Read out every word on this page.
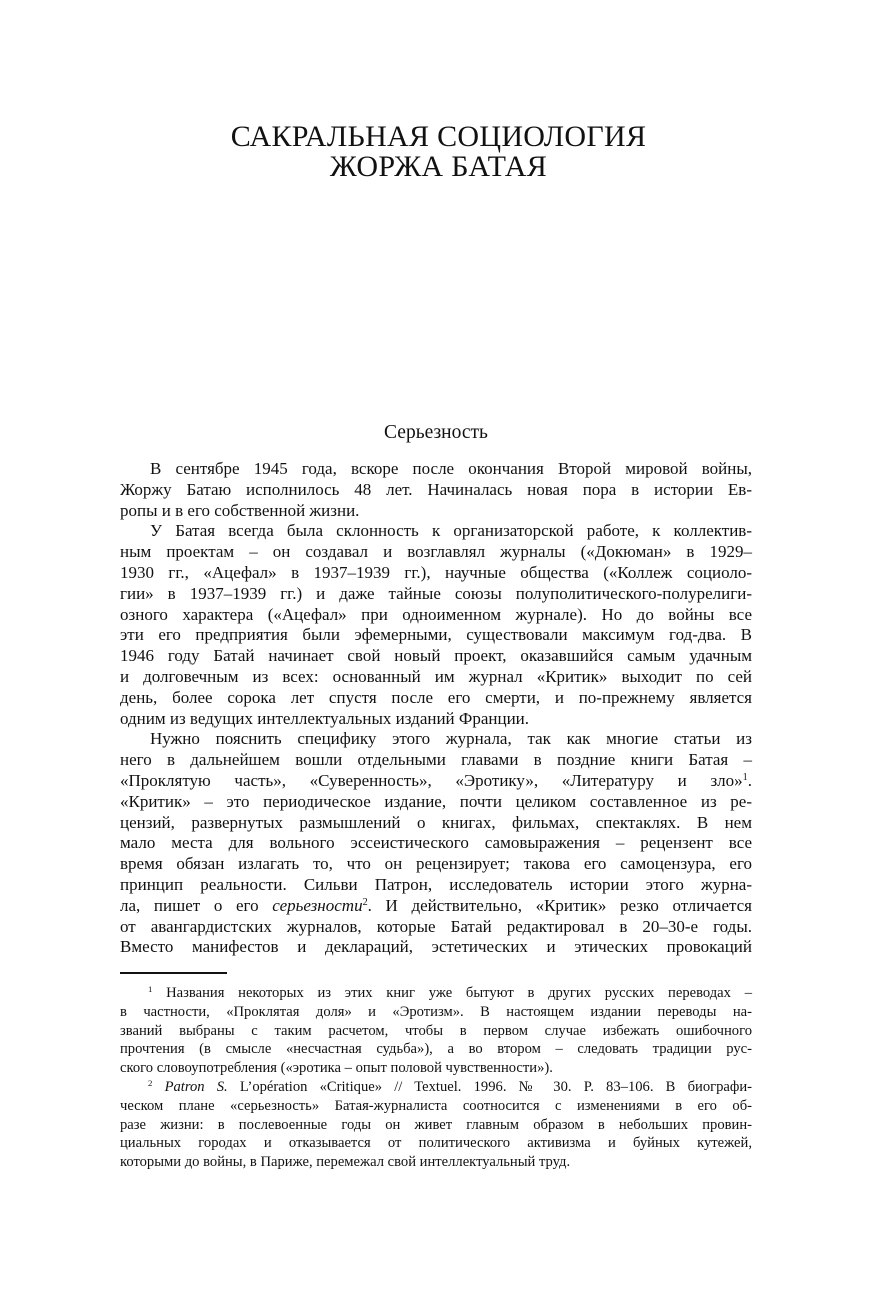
САКРАЛЬНАЯ СОЦИОЛОГИЯ
ЖОРЖА БАТАЯ
Серьезность
В сентябре 1945 года, вскоре после окончания Второй мировой войны,
Жоржу Батаю исполнилось 48 лет. Начиналась новая пора в истории Ев-
ропы и в его собственной жизни.
У Батая всегда была склонность к организаторской работе, к коллектив-
ным проектам – он создавал и возглавлял журналы («Докюман» в 1929–
1930 гг., «Ацефал» в 1937–1939 гг.), научные общества («Коллеж социоло-
гии» в 1937–1939 гг.) и даже тайные союзы полуполитического-полурелиги-
озного характера («Ацефал» при одноименном журнале). Но до войны все
эти его предприятия были эфемерными, существовали максимум год-два. В
1946 году Батай начинает свой новый проект, оказавшийся самым удачным
и долговечным из всех: основанный им журнал «Критик» выходит по сей
день, более сорока лет спустя после его смерти, и по-прежнему является
одним из ведущих интеллектуальных изданий Франции.
Нужно пояснить специфику этого журнала, так как многие статьи из
него в дальнейшем вошли отдельными главами в поздние книги Батая –
«Проклятую часть», «Суверенность», «Эротику», «Литературу и зло»$^1$.
«Критик» – это периодическое издание, почти целиком составленное из ре-
цензий, развернутых размышлений о книгах, фильмах, спектаклях. В нем
мало места для вольного эссеистического самовыражения – рецензент все
время обязан излагать то, что он рецензирует; такова его самоцензура, его
принцип реальности. Сильви Патрон, исследователь истории этого журна-
ла, пишет о его серьезности$^2$. И действительно, «Критик» резко отличается
от авангардистских журналов, которые Батай редактировал в 20–30-е годы.
Вместо манифестов и деклараций, эстетических и этических провокаций
$^1$ Названия некоторых из этих книг уже бытуют в других русских переводах –
в частности, «Проклятая доля» и «Эротизм». В настоящем издании переводы на-
званий выбраны с таким расчетом, чтобы в первом случае избежать ошибочного
прочтения (в смысле «несчастная судьба»), а во втором – следовать традиции рус-
ского словоупотребления («эротика – опыт половой чувственности»).
$^2$ Patron S. L’opération «Critique» // Textuel. 1996. № 30. P. 83–106. В биографи-
ческом плане «серьезность» Батая-журналиста соотносится с изменениями в его об-
разе жизни: в послевоенные годы он живет главным образом в небольших провин-
циальных городах и отказывается от политического активизма и буйных кутежей,
которыми до войны, в Париже, перемежал свой интеллектуальный труд.
